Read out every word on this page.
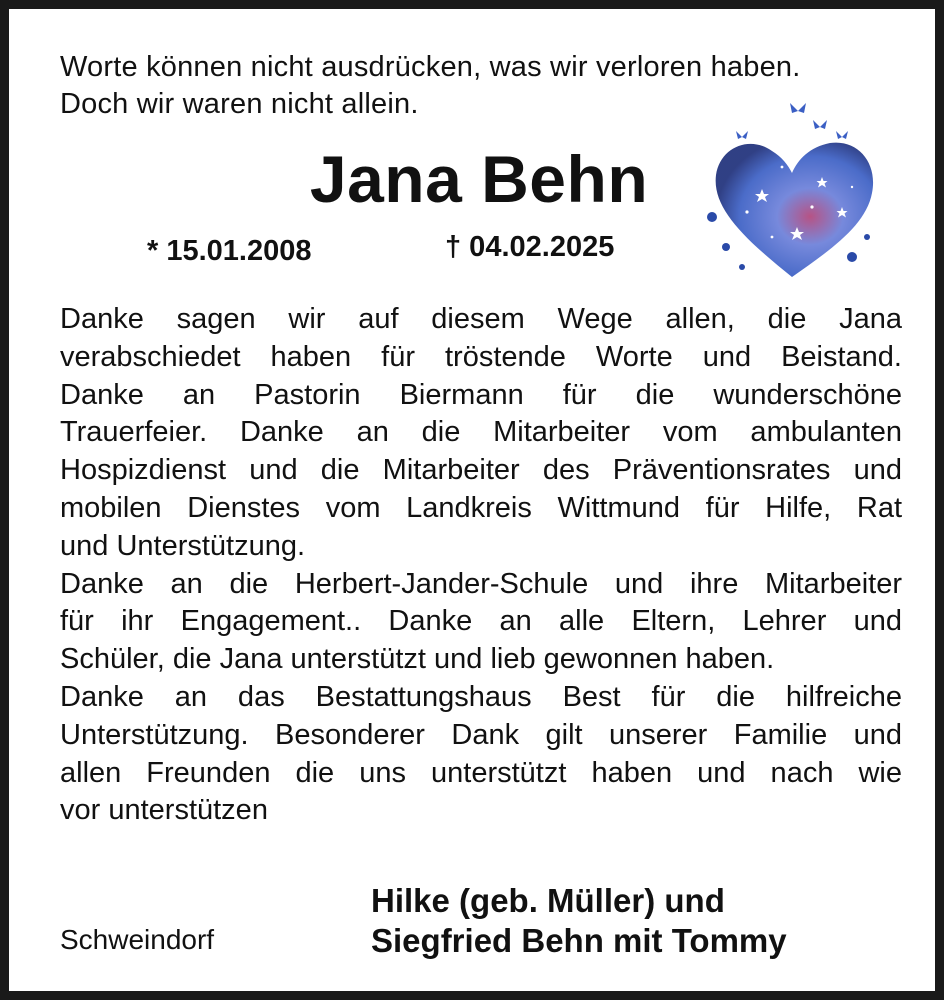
Worte können nicht ausdrücken, was wir verloren haben.
Doch wir waren nicht allein.
Jana Behn
* 15.01.2008	† 04.02.2025
Danke sagen wir auf diesem Wege allen, die Jana
verabschiedet haben für tröstende Worte und Beistand.
Danke an Pastorin Biermann für die wunderschöne
Trauerfeier. Danke an die Mitarbeiter vom ambulanten
Hospizdienst und die Mitarbeiter des Präventionsrates und
mobilen Dienstes vom Landkreis Wittmund für Hilfe, Rat
und Unterstützung.
Danke an die Herbert-Jander-Schule und ihre Mitarbeiter
für ihr Engagement.. Danke an alle Eltern, Lehrer und
Schüler, die Jana unterstützt und lieb gewonnen haben.
Danke an das Bestattungshaus Best für die hilfreiche
Unterstützung. Besonderer Dank gilt unserer Familie und
allen Freunden die uns unterstützt haben und nach wie
vor unterstützen
Schweindorf
Hilke (geb. Müller) und
Siegfried Behn mit Tommy
